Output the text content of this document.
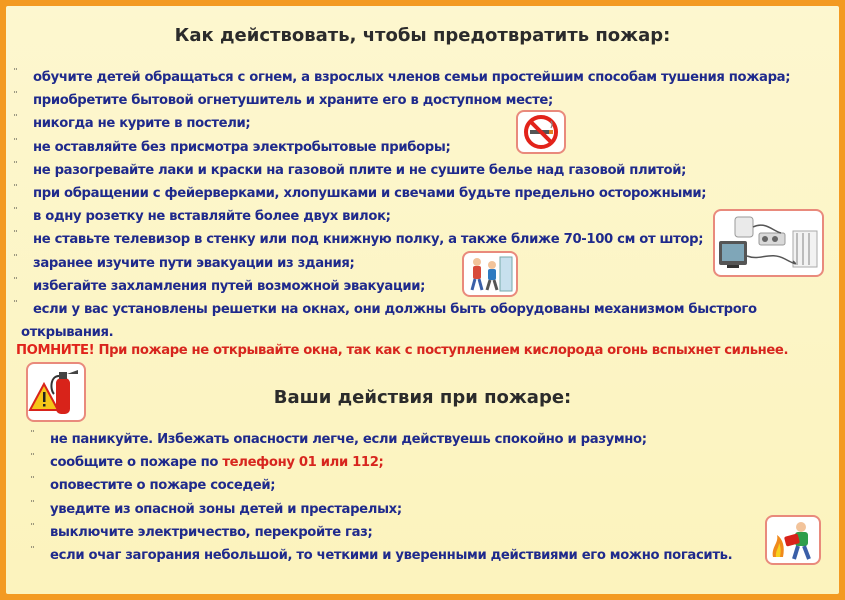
Как действовать, чтобы предотвратить пожар:
¨ обучите детей обращаться с огнем, а взрослых членов семьи простейшим способам тушения пожара;
¨ приобретите бытовой огнетушитель и храните его в доступном месте;
¨ никогда не курите в постели;
¨ не оставляйте без присмотра электробытовые приборы;
¨ не разогревайте лаки и краски на газовой плите и не сушите белье над газовой плитой;
¨ при обращении с фейерверками, хлопушками и свечами будьте предельно осторожными;
¨ в одну розетку не вставляйте более двух вилок;
¨ не ставьте телевизор в стенку или под книжную полку, а также ближе 70-100 см от штор;
¨ заранее изучите пути эвакуации из здания;
¨ избегайте захламления путей возможной эвакуации;
¨ если у вас установлены решетки на окнах, они должны быть оборудованы механизмом быстрого
открывания.
ПОМНИТЕ! При пожаре не открывайте окна, так как с поступлением кислорода огонь вспыхнет сильнее.
Ваши действия при пожаре:
¨ не паникуйте. Избежать опасности легче, если действуешь спокойно и разумно;
¨ сообщите о пожаре по телефону 01 или 112;
¨ оповестите о пожаре соседей;
¨ уведите из опасной зоны детей и престарелых;
¨ выключите электричество, перекройте газ;
¨ если очаг загорания небольшой, то четкими и уверенными действиями его можно погасить.
